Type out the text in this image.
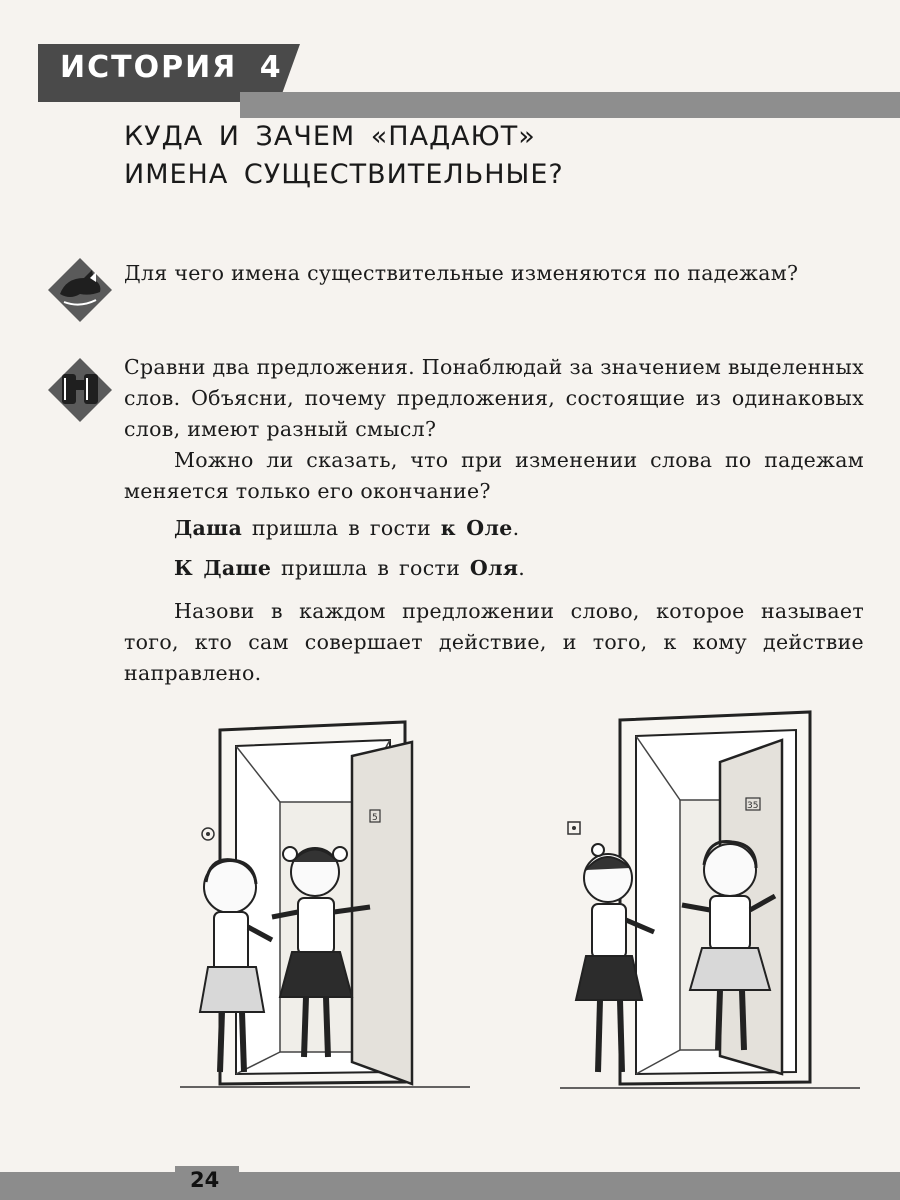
ИСТОРИЯ 4
КУДА И ЗАЧЕМ «ПАДАЮТ»
ИМЕНА СУЩЕСТВИТЕЛЬНЫЕ?
Для чего имена существительные изменяются по падежам?
Сравни два предложения. Понаблюдай за значением выделенных слов. Объясни, почему предложения, состоящие из одинаковых слов, имеют разный смысл?
Можно ли сказать, что при изменении слова по падежам меняется только его окончание?
Даша пришла в гости к Оле.
К Даше пришла в гости Оля.
Назови в каждом предложении слово, которое называет того, кто сам совершает действие, и того, к кому действие направлено.
5
35
24
